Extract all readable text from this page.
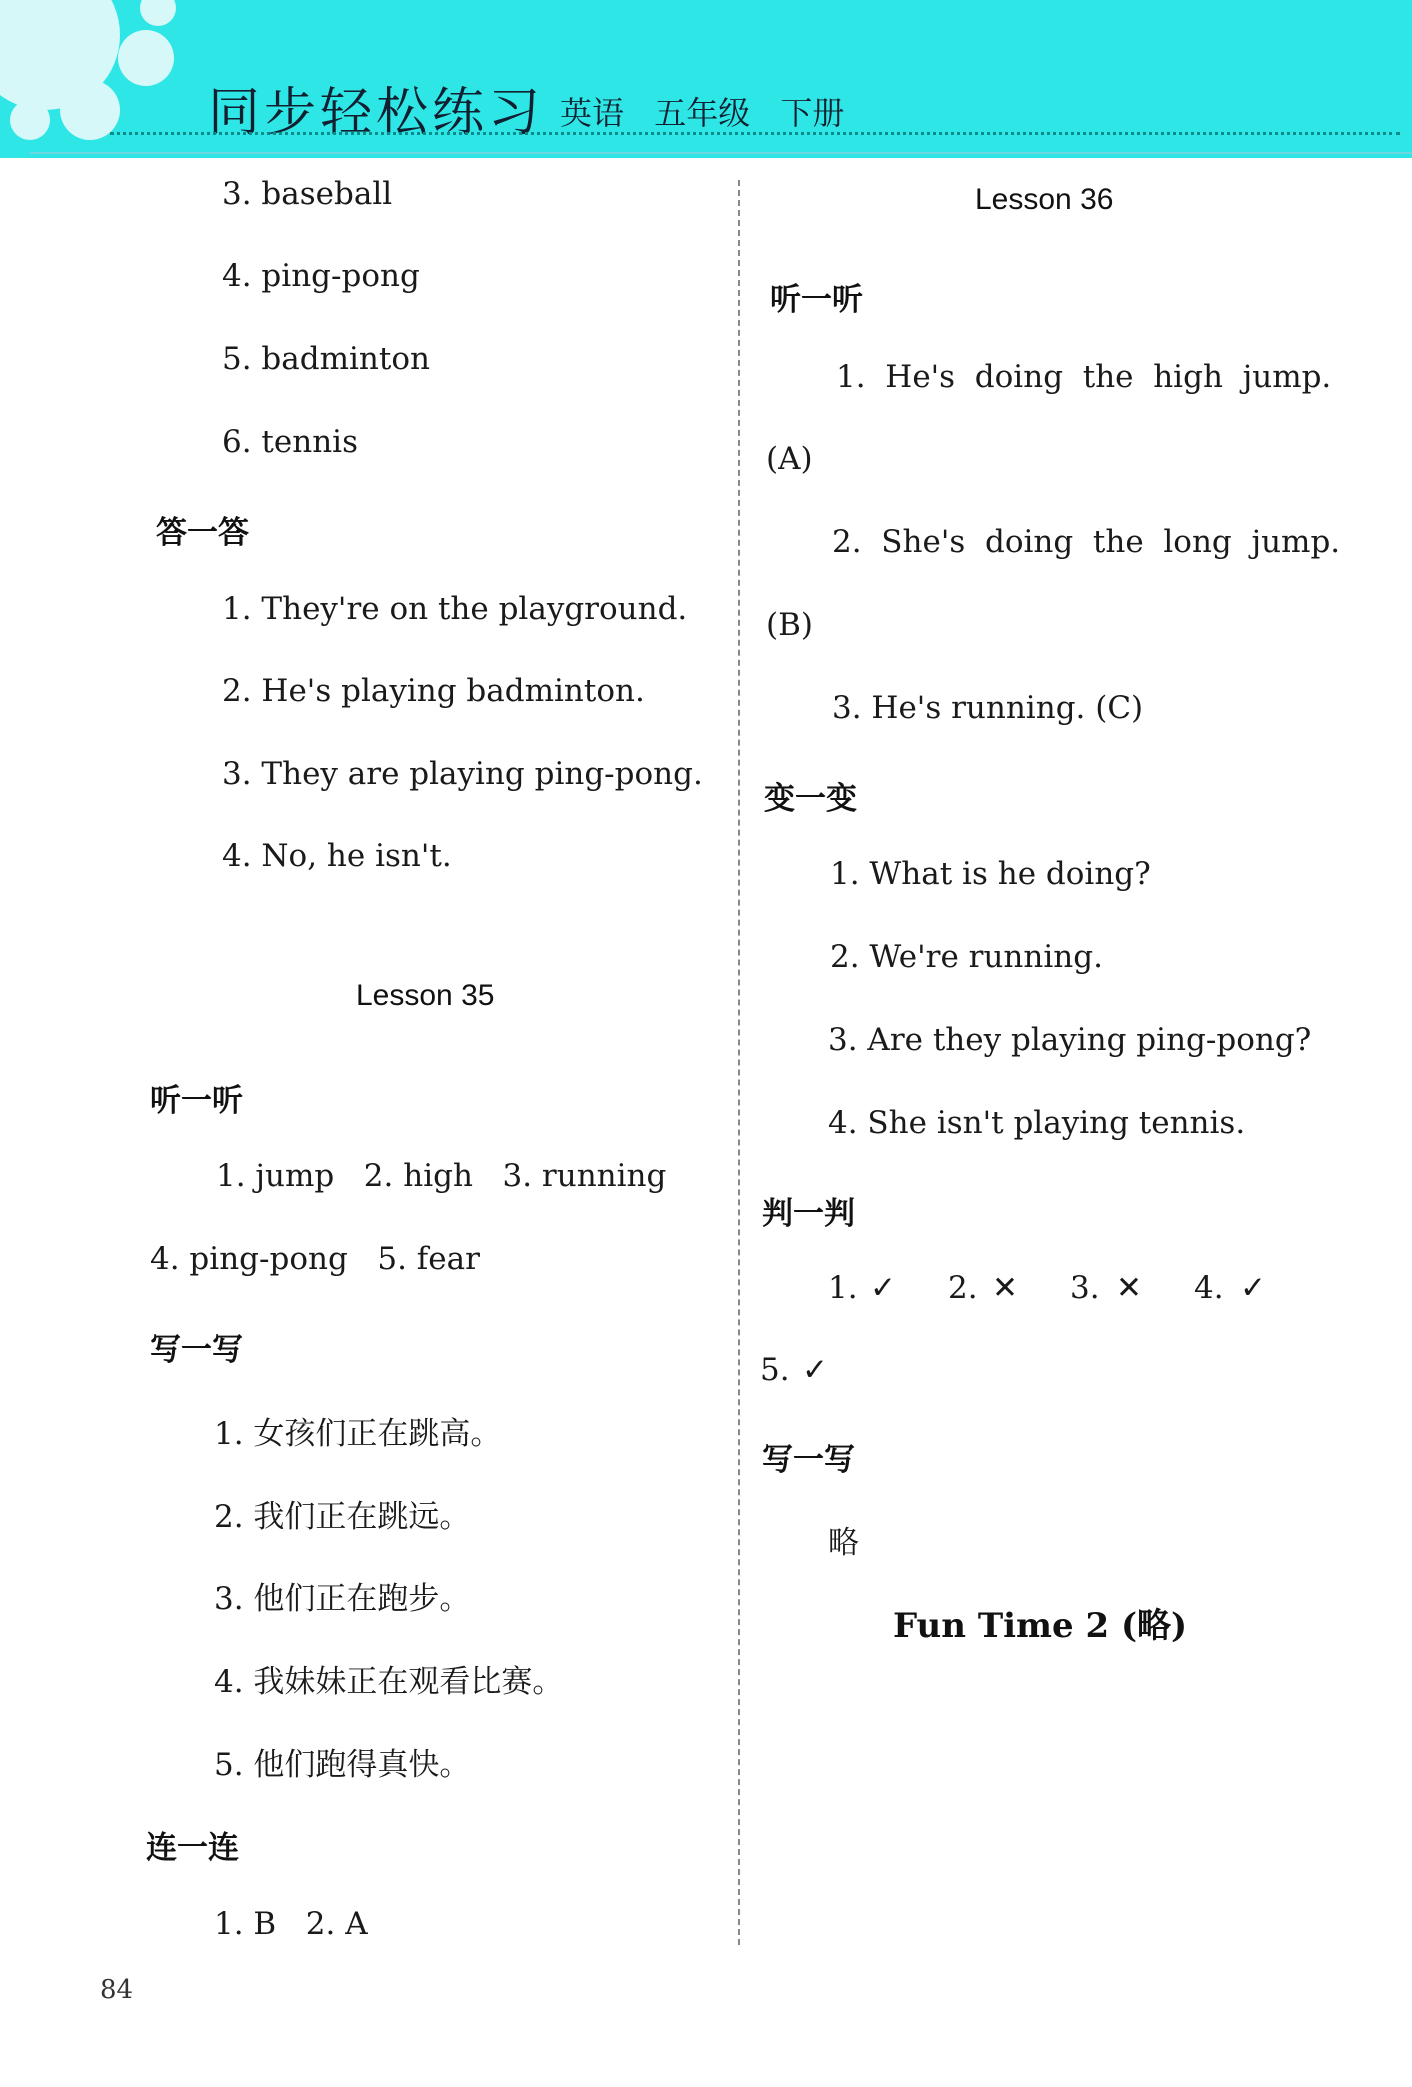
同步轻松练习 英语 五年级 下册
3. baseball
4. ping-pong
5. badminton
6. tennis
答一答
1. They're on the playground.
2. He's playing badminton.
3. They are playing ping-pong.
4. No, he isn't.
Lesson 35
听一听
1. jump   2. high   3. running
4. ping-pong   5. fear
写一写
1. 女孩们正在跳高。
2. 我们正在跳远。
3. 他们正在跑步。
4. 我妹妹正在观看比赛。
5. 他们跑得真快。
连一连
1. B   2. A
Lesson 36
听一听
1.  He's  doing  the  high  jump.
(A)
2.  She's  doing  the  long  jump.
(B)
3. He's running. (C)
变一变
1. What is he doing?
2. We're running.
3. Are they playing ping-pong?
4. She isn't playing tennis.
判一判
1. ✓ 2. ✕ 3. ✕ 4. ✓
5. ✓
写一写
略
Fun Time 2 (略)
84
